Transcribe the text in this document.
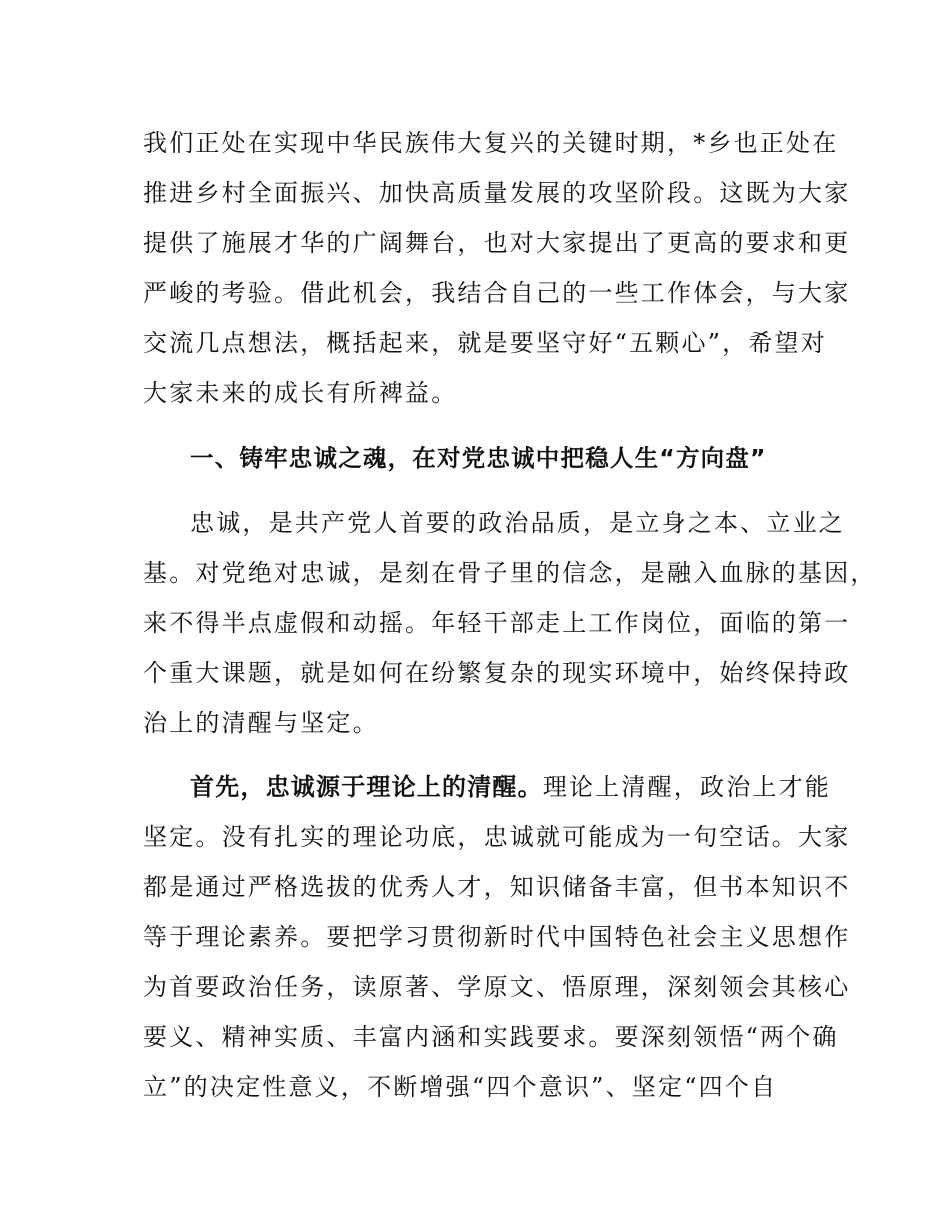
我们正处在实现中华民族伟大复兴的关键时期，*乡也正处在
推进乡村全面振兴、加快高质量发展的攻坚阶段。这既为大家
提供了施展才华的广阔舞台，也对大家提出了更高的要求和更
严峻的考验。借此机会，我结合自己的一些工作体会，与大家
交流几点想法，概括起来，就是要坚守好“五颗心”，希望对
大家未来的成长有所裨益。
一、铸牢忠诚之魂，在对党忠诚中把稳人生“方向盘”
忠诚，是共产党人首要的政治品质，是立身之本、立业之
基。对党绝对忠诚，是刻在骨子里的信念，是融入血脉的基因，
来不得半点虚假和动摇。年轻干部走上工作岗位，面临的第一
个重大课题，就是如何在纷繁复杂的现实环境中，始终保持政
治上的清醒与坚定。
首先，忠诚源于理论上的清醒。理论上清醒，政治上才能
坚定。没有扎实的理论功底，忠诚就可能成为一句空话。大家
都是通过严格选拔的优秀人才，知识储备丰富，但书本知识不
等于理论素养。要把学习贯彻新时代中国特色社会主义思想作
为首要政治任务，读原著、学原文、悟原理，深刻领会其核心
要义、精神实质、丰富内涵和实践要求。要深刻领悟“两个确
立”的决定性意义，不断增强“四个意识”、坚定“四个自
